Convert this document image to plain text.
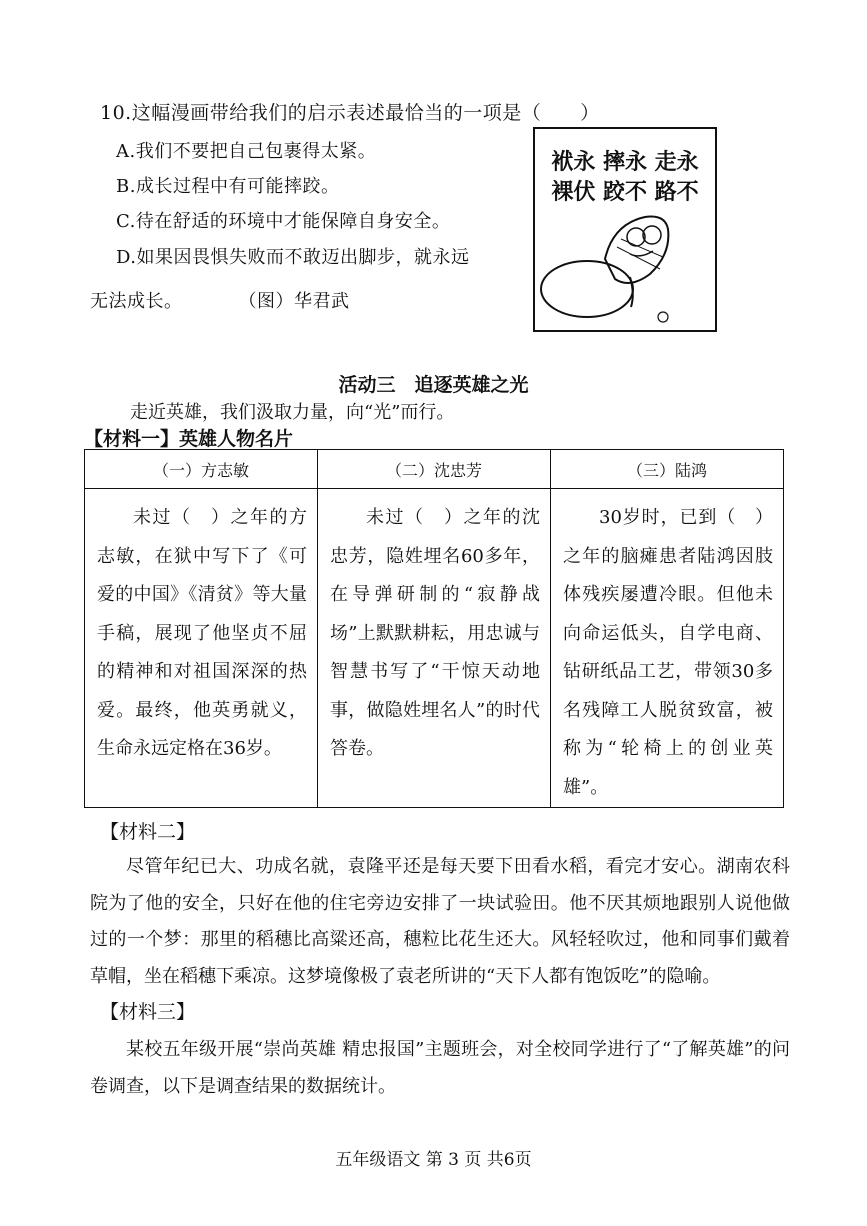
10.这幅漫画带给我们的启示表述最恰当的一项是（　　）
A.我们不要把自己包裹得太紧。
B.成长过程中有可能摔跤。
C.待在舒适的环境中才能保障自身安全。
D.如果因畏惧失败而不敢迈出脚步，就永远
无法成长。　　　　（图）华君武
袱永 摔永 走永
裸伏 跤不 路不
活动三　追逐英雄之光
走近英雄，我们汲取力量，向“光”而行。
【材料一】英雄人物名片
（一）方志敏	（二）沈忠芳	（三）陆鸿
未过（　）之年的方志敏，在狱中写下了《可爱的中国》《清贫》等大量手稿，展现了他坚贞不屈的精神和对祖国深深的热爱。最终，他英勇就义，生命永远定格在36岁。	未过（　）之年的沈忠芳，隐姓埋名60多年，在导弹研制的“寂静战场”上默默耕耘，用忠诚与智慧书写了“干惊天动地事，做隐姓埋名人”的时代答卷。	30岁时，已到（　）之年的脑瘫患者陆鸿因肢体残疾屡遭冷眼。但他未向命运低头，自学电商、钻研纸品工艺，带领30多名残障工人脱贫致富，被称为“轮椅上的创业英雄”。
【材料二】
尽管年纪已大、功成名就，袁隆平还是每天要下田看水稻，看完才安心。湖南农科院为了他的安全，只好在他的住宅旁边安排了一块试验田。他不厌其烦地跟别人说他做过的一个梦：那里的稻穗比高粱还高，穗粒比花生还大。风轻轻吹过，他和同事们戴着草帽，坐在稻穗下乘凉。这梦境像极了袁老所讲的“天下人都有饱饭吃”的隐喻。
【材料三】
某校五年级开展“崇尚英雄 精忠报国”主题班会，对全校同学进行了“了解英雄”的问卷调查，以下是调查结果的数据统计。
五年级语文 第 3 页 共6页
